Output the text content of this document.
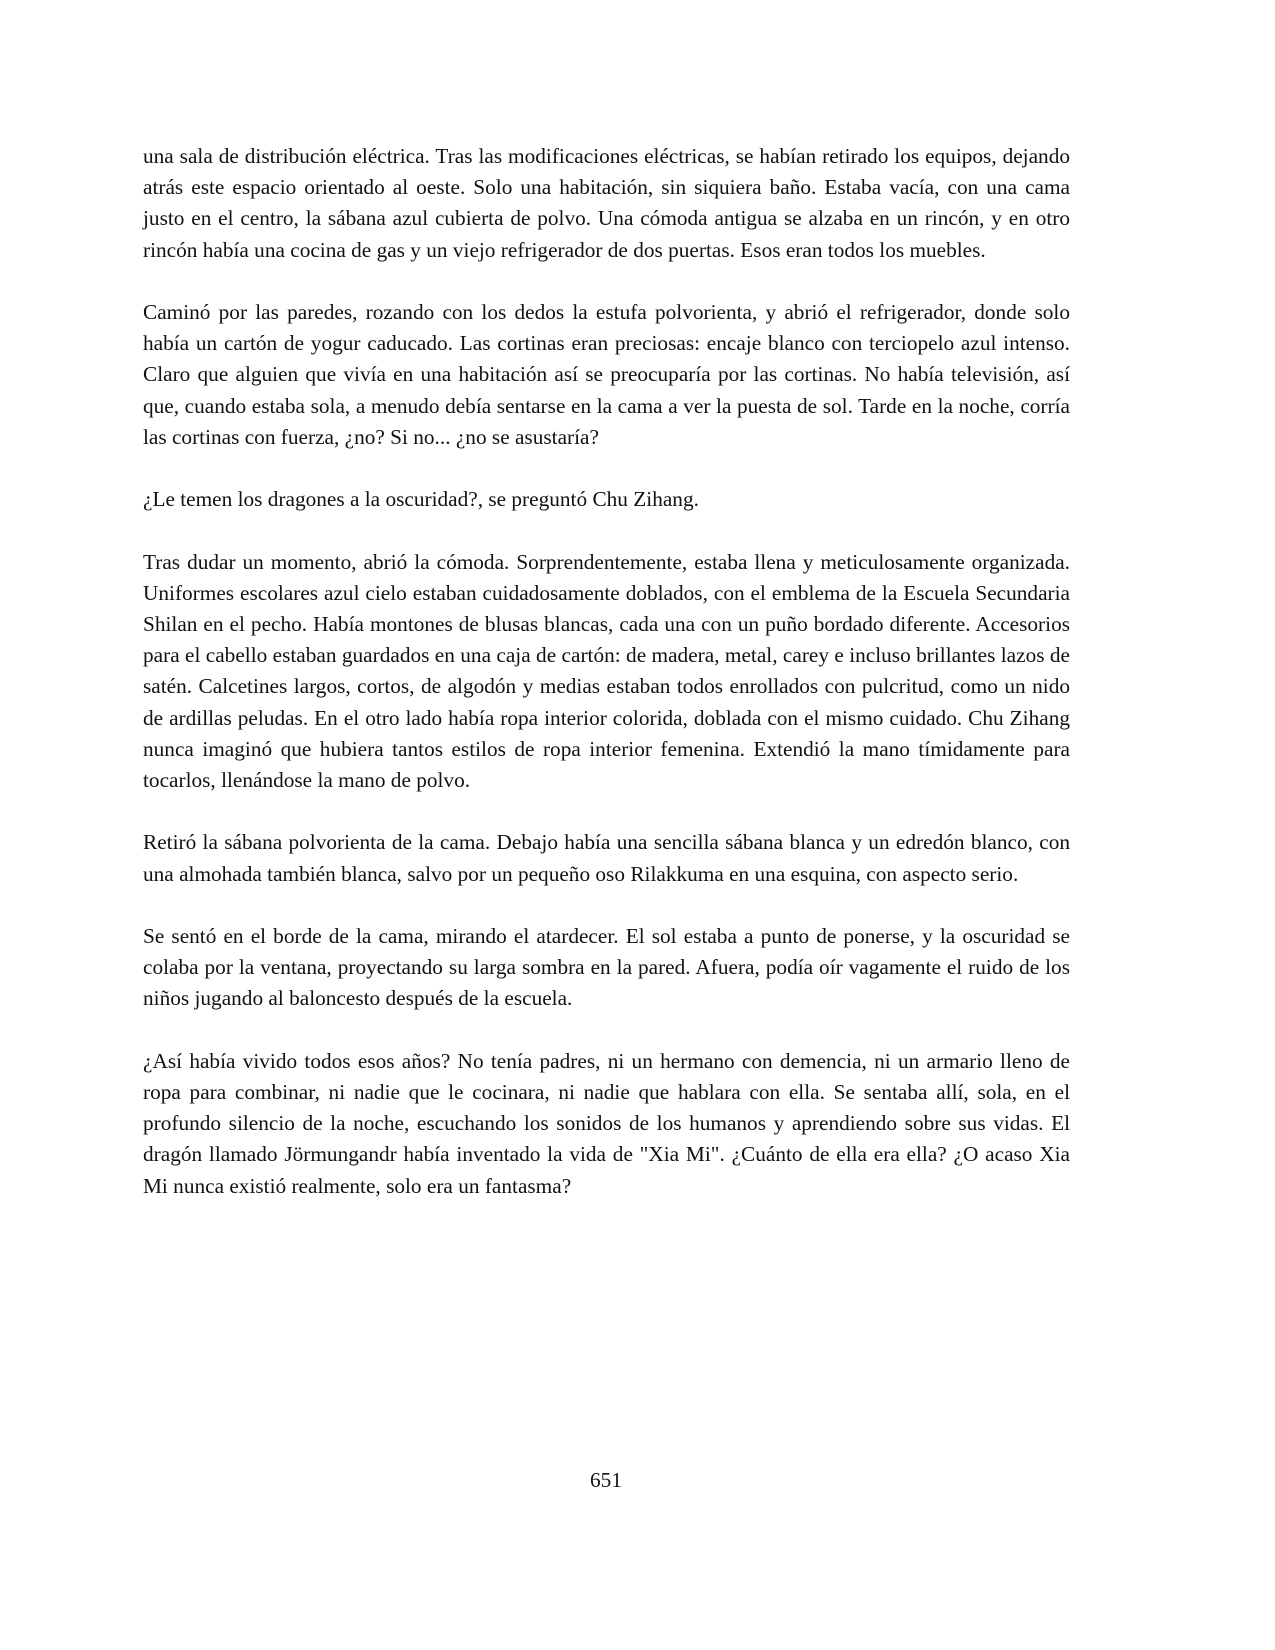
una sala de distribución eléctrica. Tras las modificaciones eléctricas, se habían retirado los equipos, dejando atrás este espacio orientado al oeste. Solo una habitación, sin siquiera baño. Estaba vacía, con una cama justo en el centro, la sábana azul cubierta de polvo. Una cómoda antigua se alzaba en un rincón, y en otro rincón había una cocina de gas y un viejo refrigerador de dos puertas. Esos eran todos los muebles.

Caminó por las paredes, rozando con los dedos la estufa polvorienta, y abrió el refrigerador, donde solo había un cartón de yogur caducado. Las cortinas eran preciosas: encaje blanco con terciopelo azul intenso. Claro que alguien que vivía en una habitación así se preocuparía por las cortinas. No había televisión, así que, cuando estaba sola, a menudo debía sentarse en la cama a ver la puesta de sol. Tarde en la noche, corría las cortinas con fuerza, ¿no? Si no... ¿no se asustaría?

¿Le temen los dragones a la oscuridad?, se preguntó Chu Zihang.

Tras dudar un momento, abrió la cómoda. Sorprendentemente, estaba llena y meticulosamente organizada. Uniformes escolares azul cielo estaban cuidadosamente doblados, con el emblema de la Escuela Secundaria Shilan en el pecho. Había montones de blusas blancas, cada una con un puño bordado diferente. Accesorios para el cabello estaban guardados en una caja de cartón: de madera, metal, carey e incluso brillantes lazos de satén. Calcetines largos, cortos, de algodón y medias estaban todos enrollados con pulcritud, como un nido de ardillas peludas. En el otro lado había ropa interior colorida, doblada con el mismo cuidado. Chu Zihang nunca imaginó que hubiera tantos estilos de ropa interior femenina. Extendió la mano tímidamente para tocarlos, llenándose la mano de polvo.

Retiró la sábana polvorienta de la cama. Debajo había una sencilla sábana blanca y un edredón blanco, con una almohada también blanca, salvo por un pequeño oso Rilakkuma en una esquina, con aspecto serio.

Se sentó en el borde de la cama, mirando el atardecer. El sol estaba a punto de ponerse, y la oscuridad se colaba por la ventana, proyectando su larga sombra en la pared. Afuera, podía oír vagamente el ruido de los niños jugando al baloncesto después de la escuela.

¿Así había vivido todos esos años? No tenía padres, ni un hermano con demencia, ni un armario lleno de ropa para combinar, ni nadie que le cocinara, ni nadie que hablara con ella. Se sentaba allí, sola, en el profundo silencio de la noche, escuchando los sonidos de los humanos y aprendiendo sobre sus vidas. El dragón llamado Jörmungandr había inventado la vida de "Xia Mi". ¿Cuánto de ella era ella? ¿O acaso Xia Mi nunca existió realmente, solo era un fantasma?

651
